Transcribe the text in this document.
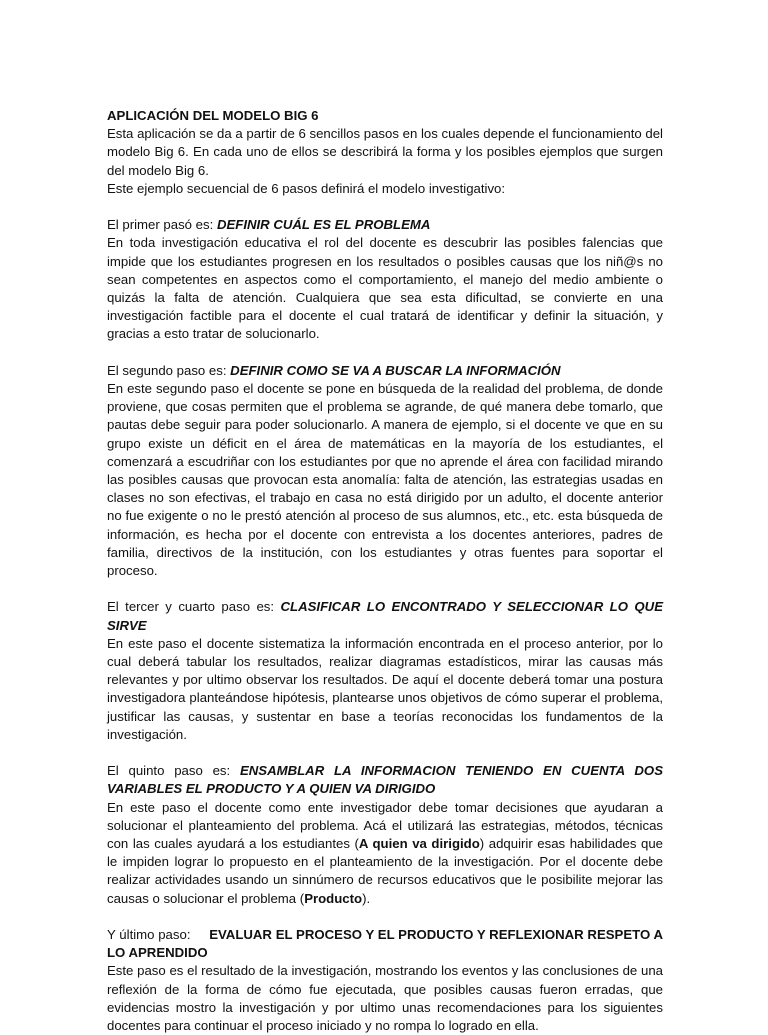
APLICACIÓN DEL MODELO BIG 6

Esta aplicación se da a partir de 6 sencillos pasos en los cuales depende el funcionamiento del modelo Big 6. En cada uno de ellos se describirá la forma y los posibles ejemplos que surgen del modelo Big 6.

Este ejemplo secuencial de 6 pasos definirá el modelo investigativo:

El primer pasó es: DEFINIR CUÁL ES EL PROBLEMA

En toda investigación educativa el rol del docente es descubrir las posibles falencias que impide que los estudiantes progresen en los resultados o posibles causas que los niñ@s no sean competentes en aspectos como el comportamiento, el manejo del medio ambiente o quizás la falta de atención. Cualquiera que sea esta dificultad, se convierte en una investigación factible para el docente el cual tratará de identificar y definir la situación, y gracias a esto tratar de solucionarlo.

El segundo paso es: DEFINIR COMO SE VA A BUSCAR LA INFORMACIÓN

En este segundo paso el docente se pone en búsqueda de la realidad del problema, de donde proviene, que cosas permiten que el problema se agrande, de qué manera debe tomarlo, que pautas debe seguir para poder solucionarlo. A manera de ejemplo, si el docente ve que en su grupo existe un déficit en el área de matemáticas en la mayoría de los estudiantes, el comenzará a escudriñar con los estudiantes por que no aprende el área con facilidad mirando las posibles causas que provocan esta anomalía: falta de atención, las estrategias usadas en clases no son efectivas, el trabajo en casa no está dirigido por un adulto, el docente anterior no fue exigente o no le prestó atención al proceso de sus alumnos, etc., etc. esta búsqueda de información, es hecha por el docente con entrevista a los docentes anteriores, padres de familia, directivos de la institución, con los estudiantes y otras fuentes para soportar el proceso.

El tercer y cuarto paso es: CLASIFICAR LO ENCONTRADO Y SELECCIONAR LO QUE SIRVE

En este paso el docente sistematiza la información encontrada en el proceso anterior, por lo cual deberá tabular los resultados, realizar diagramas estadísticos, mirar las causas más relevantes y por ultimo observar los resultados. De aquí el docente deberá tomar una postura investigadora planteándose hipótesis, plantearse unos objetivos de cómo superar el problema, justificar las causas, y sustentar en base a teorías reconocidas los fundamentos de la investigación.

El quinto paso es: ENSAMBLAR LA INFORMACION TENIENDO EN CUENTA DOS VARIABLES EL PRODUCTO Y A QUIEN VA DIRIGIDO

En este paso el docente como ente investigador debe tomar decisiones que ayudaran a solucionar el planteamiento del problema. Acá el utilizará las estrategias, métodos, técnicas con las cuales ayudará a los estudiantes (A quien va dirigido) adquirir esas habilidades que le impiden lograr lo propuesto en el planteamiento de la investigación. Por el docente debe realizar actividades usando un sinnúmero de recursos educativos que le posibilite mejorar las causas o solucionar el problema (Producto).

Y último paso:     EVALUAR EL PROCESO Y EL PRODUCTO Y REFLEXIONAR RESPETO A LO APRENDIDO

Este paso es el resultado de la investigación, mostrando los eventos y las conclusiones de una reflexión de la forma de cómo fue ejecutada, que posibles causas fueron erradas, que evidencias mostro la investigación y por ultimo unas recomendaciones para los siguientes docentes para continuar el proceso iniciado y no rompa lo logrado en ella.
